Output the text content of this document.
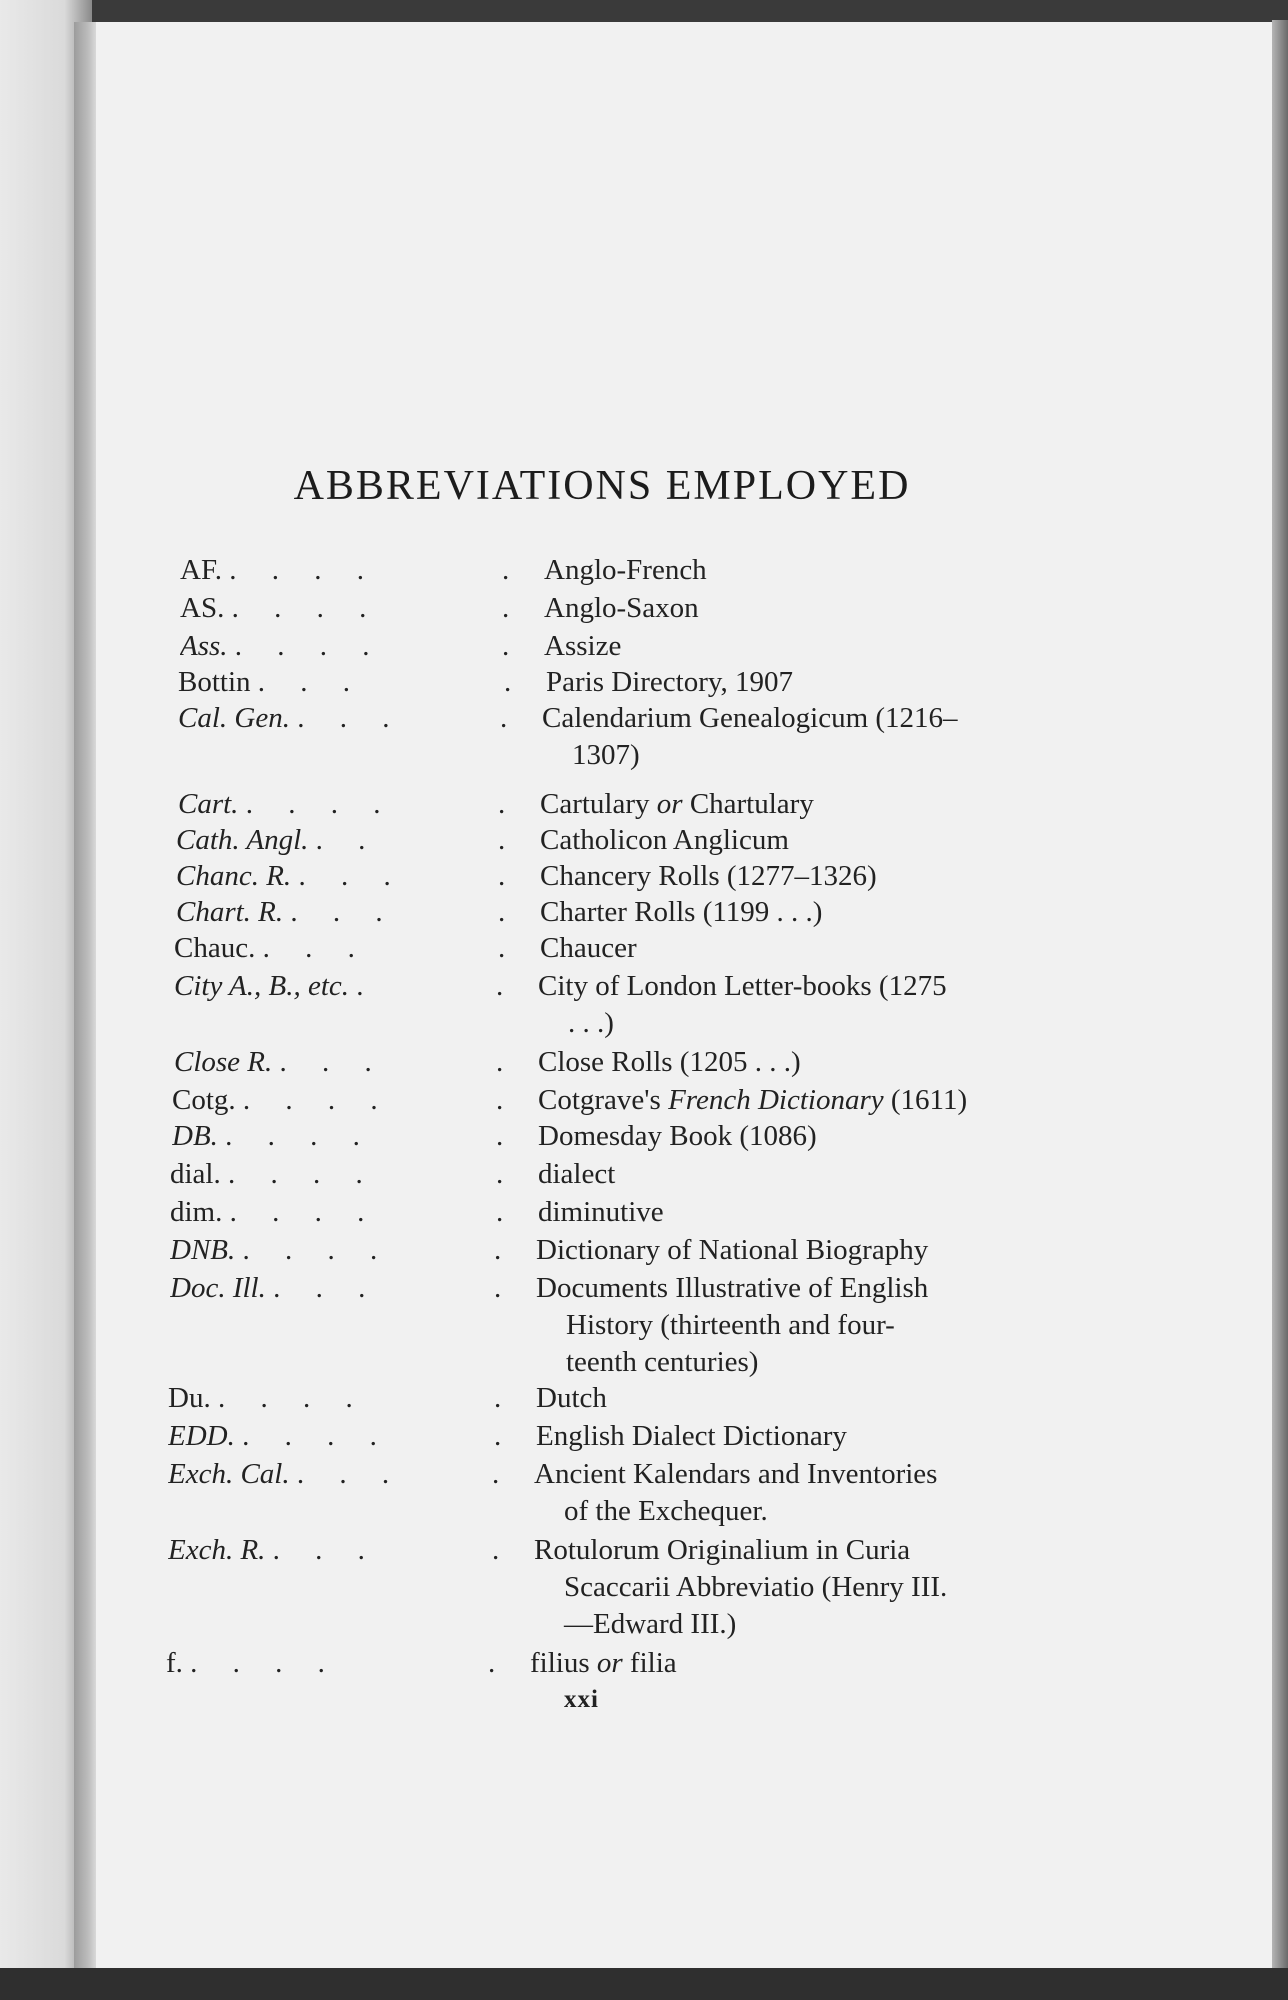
ABBREVIATIONS EMPLOYED
AF. . . . .	. Anglo-French
AS. . . . .	. Anglo-Saxon
Ass. . . . .	. Assize
Bottin . . .	. Paris Directory, 1907
Cal. Gen. . . .	. Calendarium Genealogicum (1216–
1307)
Cart. . . . .	. Cartulary or Chartulary
Cath. Angl. . .	. Catholicon Anglicum
Chanc. R. . . .	. Chancery Rolls (1277–1326)
Chart. R. . . .	. Charter Rolls (1199 . . .)
Chauc. . . .	. Chaucer
City A., B., etc. .	. City of London Letter-books (1275
. . .)
Close R. . . .	. Close Rolls (1205 . . .)
Cotg. . . . .	. Cotgrave's French Dictionary (1611)
DB. . . . .	. Domesday Book (1086)
dial. . . . .	. dialect
dim. . . . .	. diminutive
DNB. . . . .	. Dictionary of National Biography
Doc. Ill. . . .	. Documents Illustrative of English
History (thirteenth and four-
teenth centuries)
Du. . . . .	. Dutch
EDD. . . . .	. English Dialect Dictionary
Exch. Cal. . . .	. Ancient Kalendars and Inventories
of the Exchequer.
Exch. R. . . .	. Rotulorum Originalium in Curia
Scaccarii Abbreviatio (Henry III.
—Edward III.)
f. . . . .	. filius or filia
xxi
